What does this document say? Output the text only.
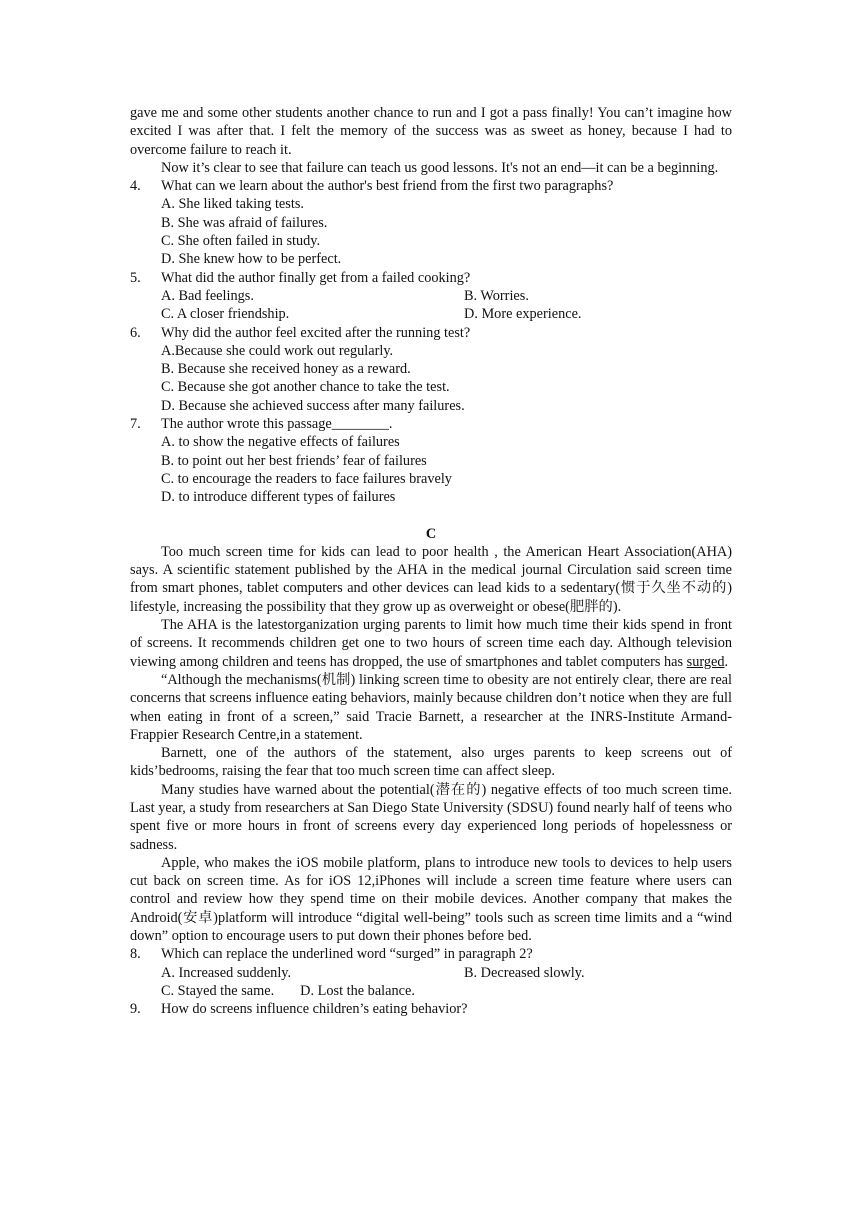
gave me and some other students another chance to run and I got a pass finally! You can’t imagine how excited I was after that. I felt the memory of the success was as sweet as honey, because I had to overcome failure to reach it.

Now it’s clear to see that failure can teach us good lessons. It's not an end—it can be a beginning.

4.	What can we learn about the author's best friend from the first two paragraphs?

A. She liked taking tests.

B. She was afraid of failures.

C. She often failed in study.

D. She knew how to be perfect.

5.	What did the author finally get from a failed cooking?
A. Bad feelings.	B. Worries.
C. A closer friendship.	D. More experience.
6.	Why did the author feel excited after the running test?

A.Because she could work out regularly.

B. Because she received honey as a reward.

C. Because she got another chance to take the test.

D. Because she achieved success after many failures.

7.	The author wrote this passage________.

A. to show the negative effects of failures

B. to point out her best friends’ fear of failures

C. to encourage the readers to face failures bravely

D. to introduce different types of failures

C

Too much screen time for kids can lead to poor health , the American Heart Association(AHA) says. A scientific statement published by the AHA in the medical journal Circulation said screen time from smart phones, tablet computers and other devices can lead kids to a sedentary(惯于久坐不动的) lifestyle, increasing the possibility that they grow up as overweight or obese(肥胖的).

The AHA is the latestorganization urging parents to limit how much time their kids spend in front of screens. It recommends children get one to two hours of screen time each day. Although television viewing among children and teens has dropped, the use of smartphones and tablet computers has surged.

“Although the mechanisms(机制) linking screen time to obesity are not entirely clear, there are real concerns that screens influence eating behaviors, mainly because children don’t notice when they are full when eating in front of a screen,” said Tracie Barnett, a researcher at the INRS-Institute Armand-Frappier Research Centre,in a statement.

Barnett, one of the authors of the statement, also urges parents to keep screens out of kids’bedrooms, raising the fear that too much screen time can affect sleep.

Many studies have warned about the potential(潜在的) negative effects of too much screen time. Last year, a study from researchers at San Diego State University (SDSU) found nearly half of teens who spent five or more hours in front of screens every day experienced long periods of hopelessness or sadness.

Apple, who makes the iOS mobile platform, plans to introduce new tools to devices to help users cut back on screen time. As for iOS 12,iPhones will include a screen time feature where users can control and review how they spend time on their mobile devices. Another company that makes the Android(安卓)platform will introduce “digital well-being” tools such as screen time limits and a “wind down” option to encourage users to put down their phones before bed.

8.	Which can replace the underlined word “surged” in paragraph 2?
A. Increased suddenly.	B. Decreased slowly.
C. Stayed the same. D. Lost the balance.
9.	How do screens influence children’s eating behavior?
